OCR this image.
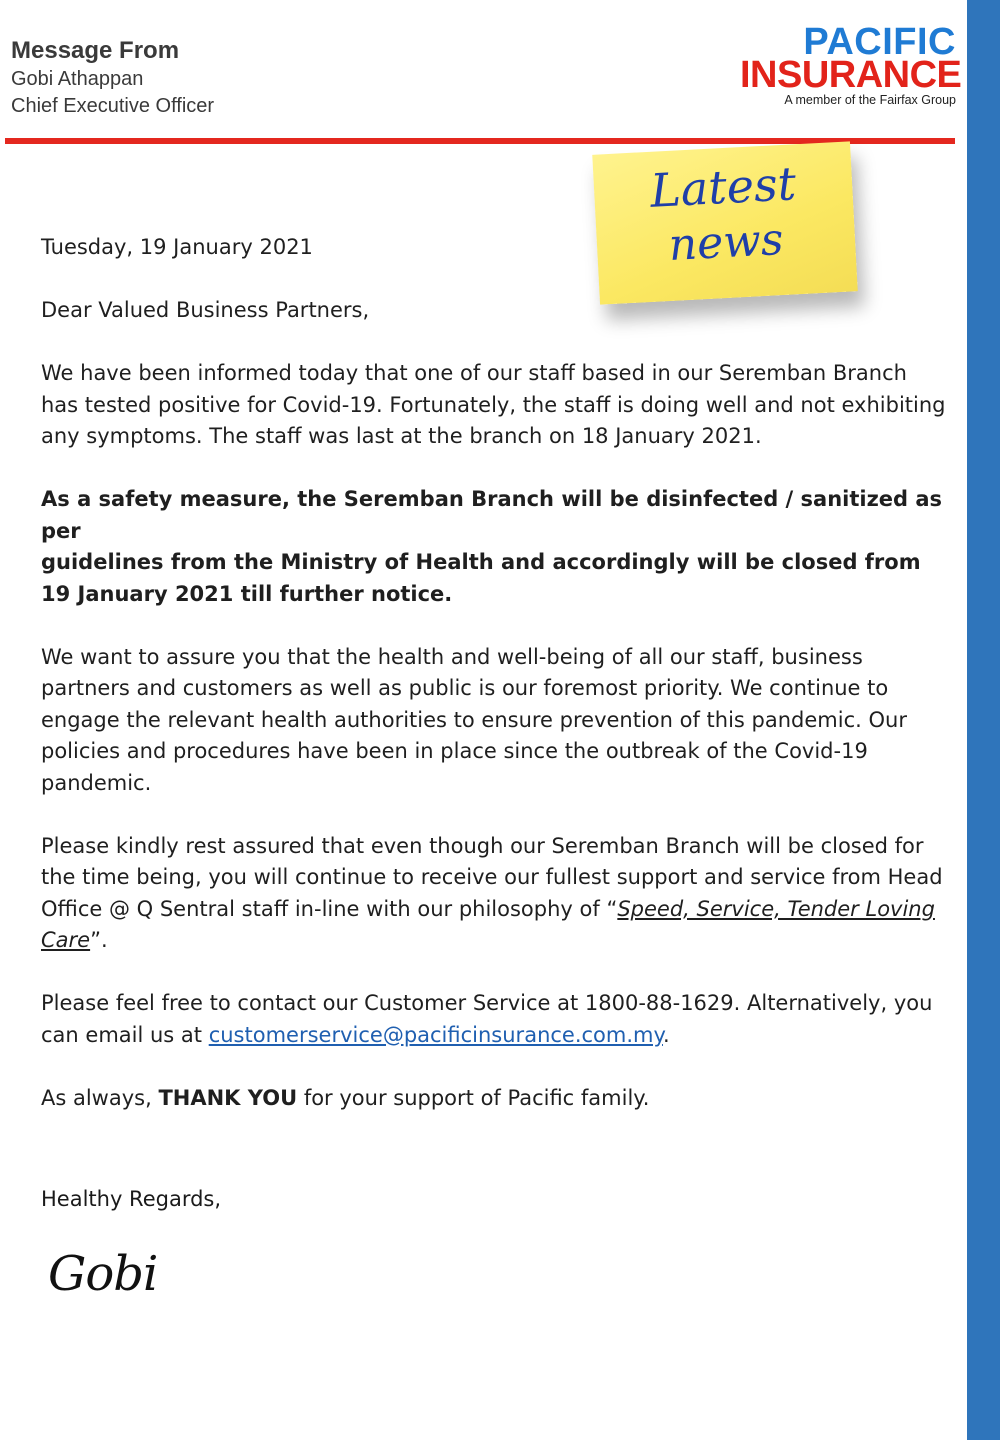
Message From
Gobi Athappan
Chief Executive Officer
PACIFIC
INSURANCE
A member of the Fairfax Group
Latest
news

Tuesday, 19 January 2021

Dear Valued Business Partners,

We have been informed today that one of our staff based in our Seremban Branch has tested positive for Covid-19. Fortunately, the staff is doing well and not exhibiting any symptoms. The staff was last at the branch on 18 January 2021.

As a safety measure, the Seremban Branch will be disinfected / sanitized as per
guidelines from the Ministry of Health and accordingly will be closed from
19 January 2021 till further notice.

We want to assure you that the health and well-being of all our staff, business partners and customers as well as public is our foremost priority. We continue to engage the relevant health authorities to ensure prevention of this pandemic. Our policies and procedures have been in place since the outbreak of the Covid-19 pandemic.

Please kindly rest assured that even though our Seremban Branch will be closed for the time being, you will continue to receive our fullest support and service from Head Office @ Q Sentral staff in-line with our philosophy of “Speed, Service, Tender Loving Care”.

Please feel free to contact our Customer Service at 1800-88-1629. Alternatively, you can email us at customerservice@pacificinsurance.com.my.

As always, THANK YOU for your support of Pacific family.

Healthy Regards,
Gobi
